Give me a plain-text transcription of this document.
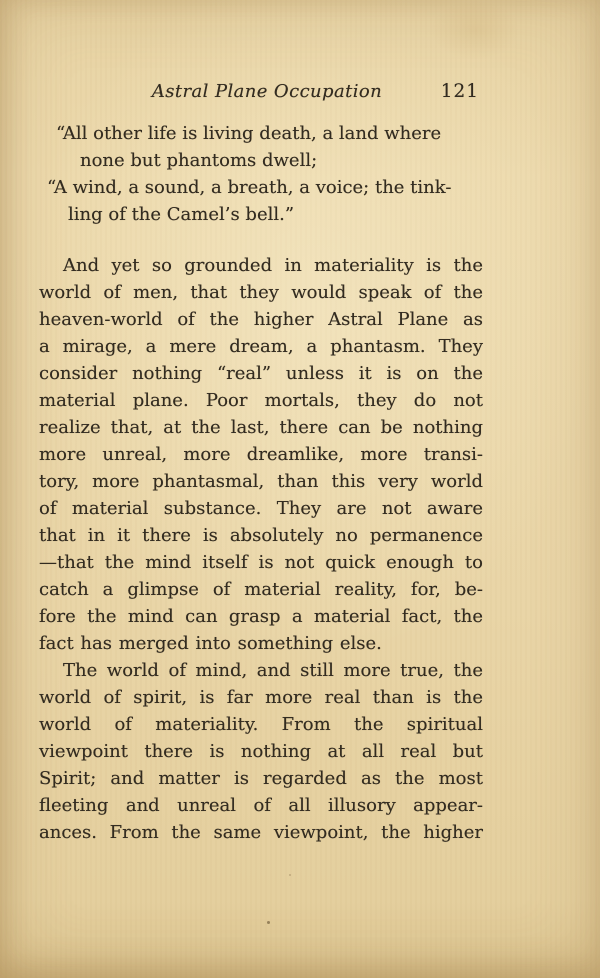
Astral Plane Occupation	121
“All other life is living death, a land where
none but phantoms dwell;
“A wind, a sound, a breath, a voice; the tink-
ling of the Camel’s bell.”
And yet so grounded in materiality is the
world of men, that they would speak of the
heaven-world of the higher Astral Plane as
a mirage, a mere dream, a phantasm. They
consider nothing “real” unless it is on the
material plane. Poor mortals, they do not
realize that, at the last, there can be nothing
more unreal, more dreamlike, more transi-
tory, more phantasmal, than this very world
of material substance. They are not aware
that in it there is absolutely no permanence
—that the mind itself is not quick enough to
catch a glimpse of material reality, for, be-
fore the mind can grasp a material fact, the
fact has merged into something else.
The world of mind, and still more true, the
world of spirit, is far more real than is the
world of materiality. From the spiritual
viewpoint there is nothing at all real but
Spirit; and matter is regarded as the most
fleeting and unreal of all illusory appear-
ances. From the same viewpoint, the higher
